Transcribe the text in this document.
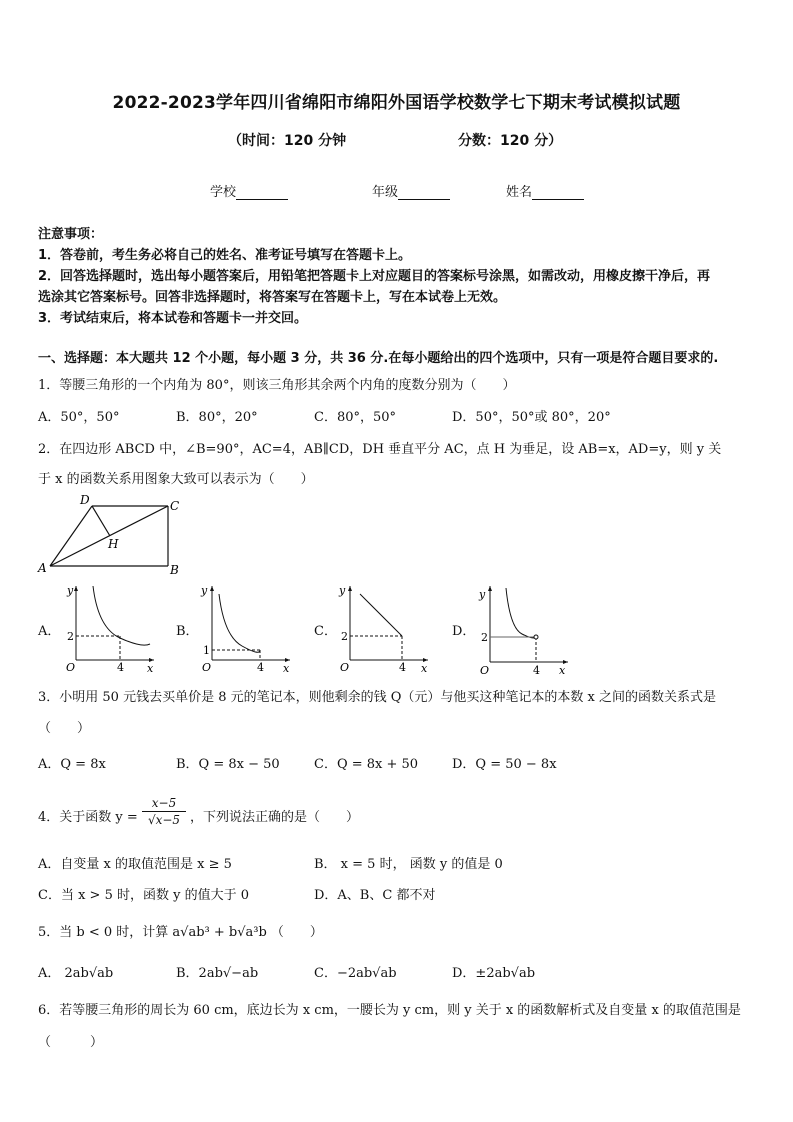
2022-2023学年四川省绵阳市绵阳外国语学校数学七下期末考试模拟试题
（时间：120 分钟	分数：120 分）
学校	年级	姓名
注意事项：
1．答卷前，考生务必将自己的姓名、准考证号填写在答题卡上。
2．回答选择题时，选出每小题答案后，用铅笔把答题卡上对应题目的答案标号涂黑，如需改动，用橡皮擦干净后，再
选涂其它答案标号。回答非选择题时，将答案写在答题卡上，写在本试卷上无效。
3．考试结束后，将本试卷和答题卡一并交回。
一、选择题：本大题共 12 个小题，每小题 3 分，共 36 分.在每小题给出的四个选项中，只有一项是符合题目要求的.
1．等腰三角形的一个内角为 80°，则该三角形其余两个内角的度数分别为（　　）
A．50°，50°	B．80°，20°	C．80°，50°	D．50°，50°或 80°，20°
2．在四边形 ABCD 中，∠B=90°，AC=4，AB∥CD，DH 垂直平分 AC，点 H 为垂足，设 AB=x，AD=y，则 y 关
于 x 的函数关系用图象大致可以表示为（　　）
A	B
C
D
H
A．	B．	C．	D．
y
x
O
2
4
y
x
O
1
4
y
x
O
2
4
y
x
O
2
4
3．小明用 50 元钱去买单价是 8 元的笔记本，则他剩余的钱 Q（元）与他买这种笔记本的本数 x 之间的函数关系式是
（　　）
A．Q = 8x	B．Q = 8x − 50	C．Q = 8x + 50	D．Q = 50 − 8x
4．关于函数 y =
x−5
√x−5 ，下列说法正确的是（　　）
A．自变量 x 的取值范围是 x ≥ 5	B． x = 5 时， 函数 y 的值是 0
C．当 x > 5 时，函数 y 的值大于 0	D．A、B、C 都不对
5．当 b < 0 时，计算 a√ab³ + b√a³b （　　）
A． 2ab√ab	B．2ab√−ab	C．−2ab√ab	D．±2ab√ab
6．若等腰三角形的周长为 60 cm，底边长为 x cm，一腰长为 y cm，则 y 关于 x 的函数解析式及自变量 x 的取值范围是
（　　　）
